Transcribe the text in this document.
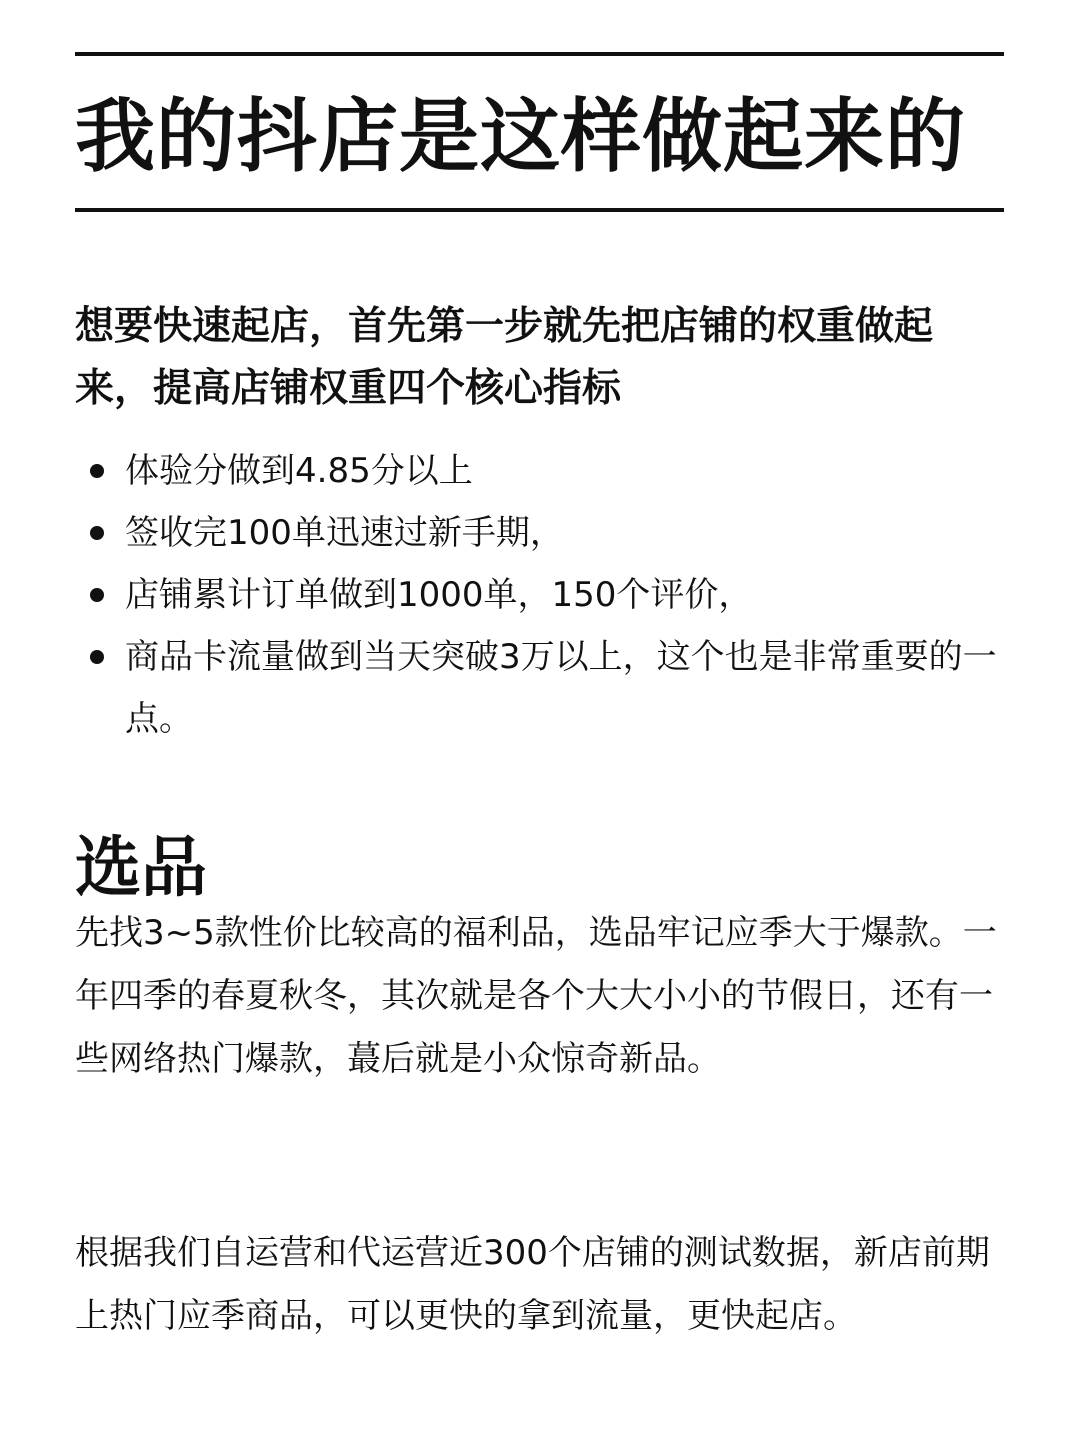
我的抖店是这样做起来的
想要快速起店，首先第一步就先把店铺的权重做起来，提高店铺权重四个核心指标
体验分做到4.85分以上
签收完100单迅速过新手期，
店铺累计订单做到1000单，150个评价，
商品卡流量做到当天突破3万以上，这个也是非常重要的一点。
选品
先找3~5款性价比较高的福利品，选品牢记应季大于爆款。一年四季的春夏秋冬，其次就是各个大大小小的节假日，还有一些网络热门爆款，蕞后就是小众惊奇新品。
根据我们自运营和代运营近300个店铺的测试数据，新店前期上热门应季商品，可以更快的拿到流量，更快起店。
